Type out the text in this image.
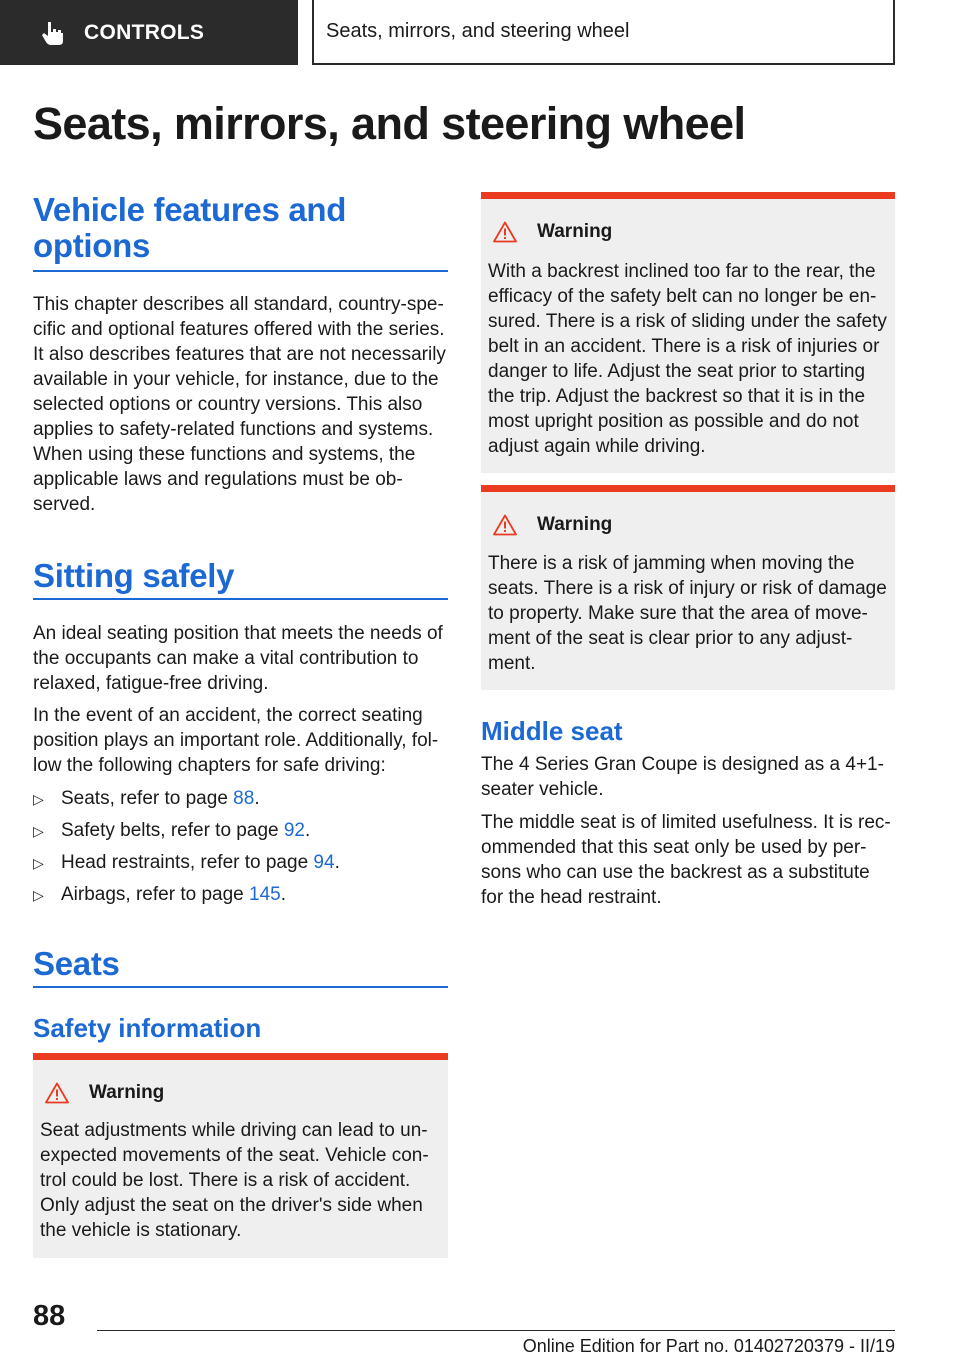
CONTROLS	Seats, mirrors, and steering wheel
Seats, mirrors, and steering wheel
Vehicle features and
options
This chapter describes all standard, country-spe‐
cific and optional features offered with the series.
It also describes features that are not necessarily
available in your vehicle, for instance, due to the
selected options or country versions. This also
applies to safety-related functions and systems.
When using these functions and systems, the
applicable laws and regulations must be ob‐
served.
Sitting safely
An ideal seating position that meets the needs of
the occupants can make a vital contribution to
relaxed, fatigue-free driving.
In the event of an accident, the correct seating
position plays an important role. Additionally, fol‐
low the following chapters for safe driving:
▷ Seats, refer to page 88.
▷ Safety belts, refer to page 92.
▷ Head restraints, refer to page 94.
▷ Airbags, refer to page 145.
Seats
Safety information
Warning
Seat adjustments while driving can lead to un‐
expected movements of the seat. Vehicle con‐
trol could be lost. There is a risk of accident.
Only adjust the seat on the driver's side when
the vehicle is stationary.
Warning
With a backrest inclined too far to the rear, the
efficacy of the safety belt can no longer be en‐
sured. There is a risk of sliding under the safety
belt in an accident. There is a risk of injuries or
danger to life. Adjust the seat prior to starting
the trip. Adjust the backrest so that it is in the
most upright position as possible and do not
adjust again while driving.
Warning
There is a risk of jamming when moving the
seats. There is a risk of injury or risk of damage
to property. Make sure that the area of move‐
ment of the seat is clear prior to any adjust‐
ment.
Middle seat
The 4 Series Gran Coupe is designed as a 4+1-
seater vehicle.
The middle seat is of limited usefulness. It is rec‐
ommended that this seat only be used by per‐
sons who can use the backrest as a substitute
for the head restraint.
88
Online Edition for Part no. 01402720379 - II/19
